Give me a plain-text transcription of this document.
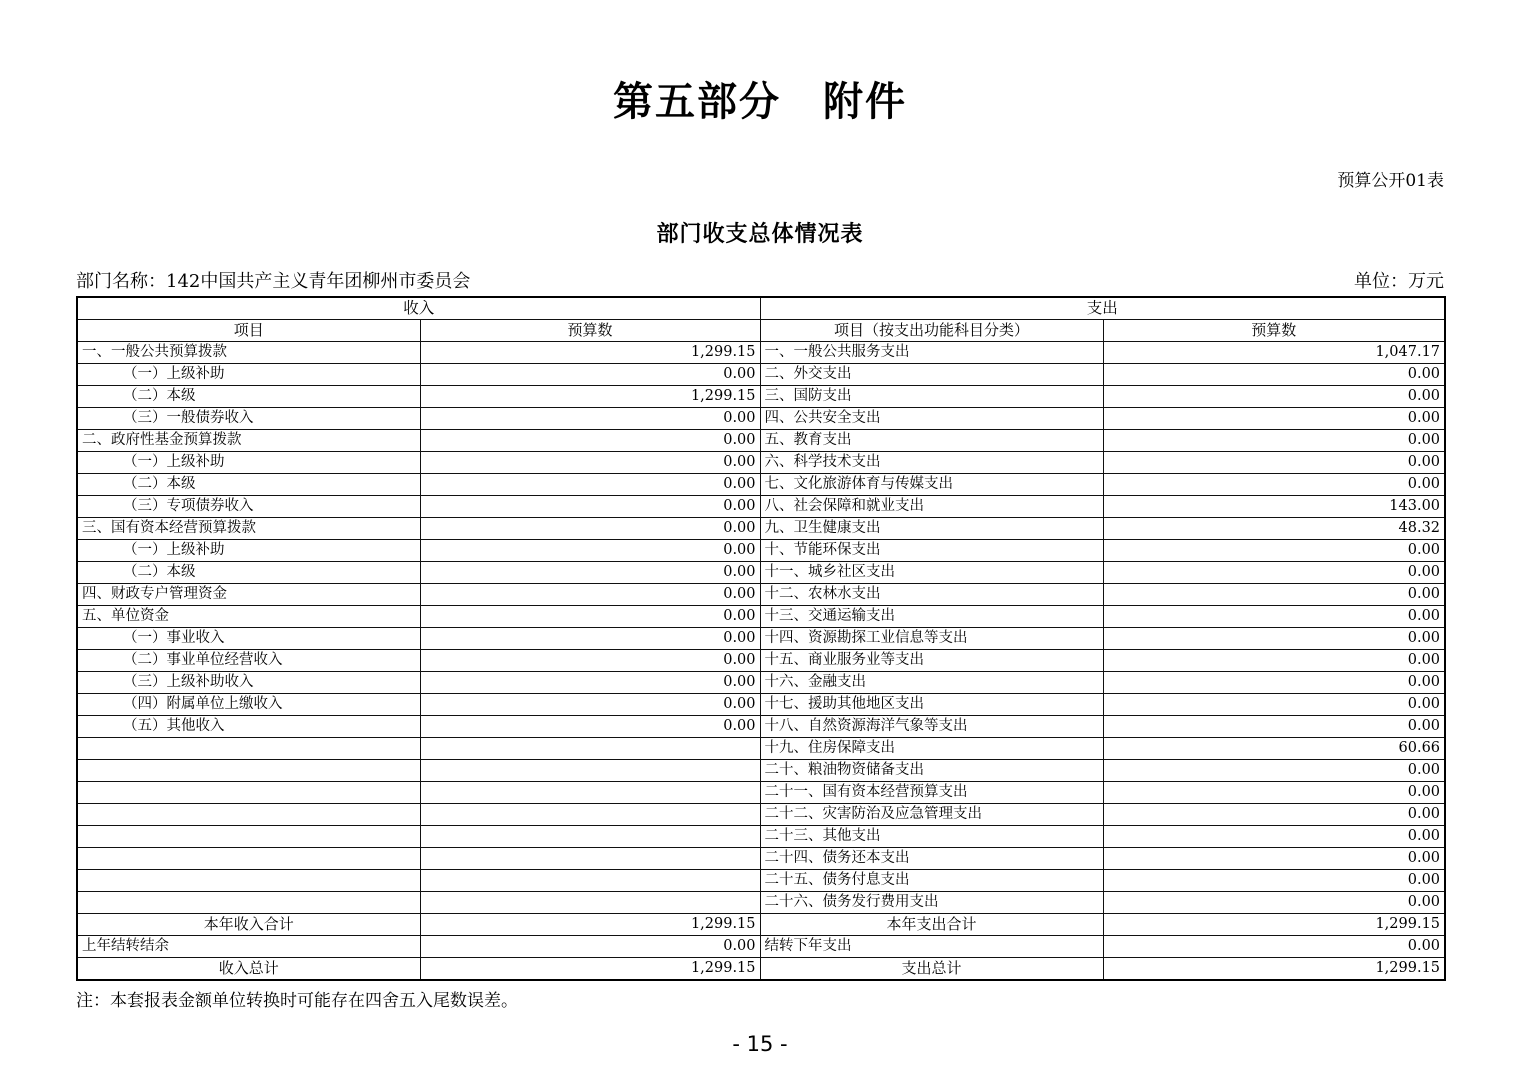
第五部分　附件
预算公开01表
部门收支总体情况表
部门名称：142中国共产主义青年团柳州市委员会	单位：万元
收入		支出	
项目	预算数	项目（按支出功能科目分类）	预算数
一、一般公共预算拨款	1,299.15	一、一般公共服务支出	1,047.17
（一）上级补助	0.00	二、外交支出	0.00
（二）本级	1,299.15	三、国防支出	0.00
（三）一般债券收入	0.00	四、公共安全支出	0.00
二、政府性基金预算拨款	0.00	五、教育支出	0.00
（一）上级补助	0.00	六、科学技术支出	0.00
（二）本级	0.00	七、文化旅游体育与传媒支出	0.00
（三）专项债券收入	0.00	八、社会保障和就业支出	143.00
三、国有资本经营预算拨款	0.00	九、卫生健康支出	48.32
（一）上级补助	0.00	十、节能环保支出	0.00
（二）本级	0.00	十一、城乡社区支出	0.00
四、财政专户管理资金	0.00	十二、农林水支出	0.00
五、单位资金	0.00	十三、交通运输支出	0.00
（一）事业收入	0.00	十四、资源勘探工业信息等支出	0.00
（二）事业单位经营收入	0.00	十五、商业服务业等支出	0.00
（三）上级补助收入	0.00	十六、金融支出	0.00
（四）附属单位上缴收入	0.00	十七、援助其他地区支出	0.00
（五）其他收入	0.00	十八、自然资源海洋气象等支出	0.00
		十九、住房保障支出	60.66
		二十、粮油物资储备支出	0.00
		二十一、国有资本经营预算支出	0.00
		二十二、灾害防治及应急管理支出	0.00
		二十三、其他支出	0.00
		二十四、债务还本支出	0.00
		二十五、债务付息支出	0.00
		二十六、债务发行费用支出	0.00
本年收入合计	1,299.15	本年支出合计	1,299.15
上年结转结余	0.00	结转下年支出	0.00
收入总计	1,299.15	支出总计	1,299.15
注：本套报表金额单位转换时可能存在四舍五入尾数误差。
- 15 -
